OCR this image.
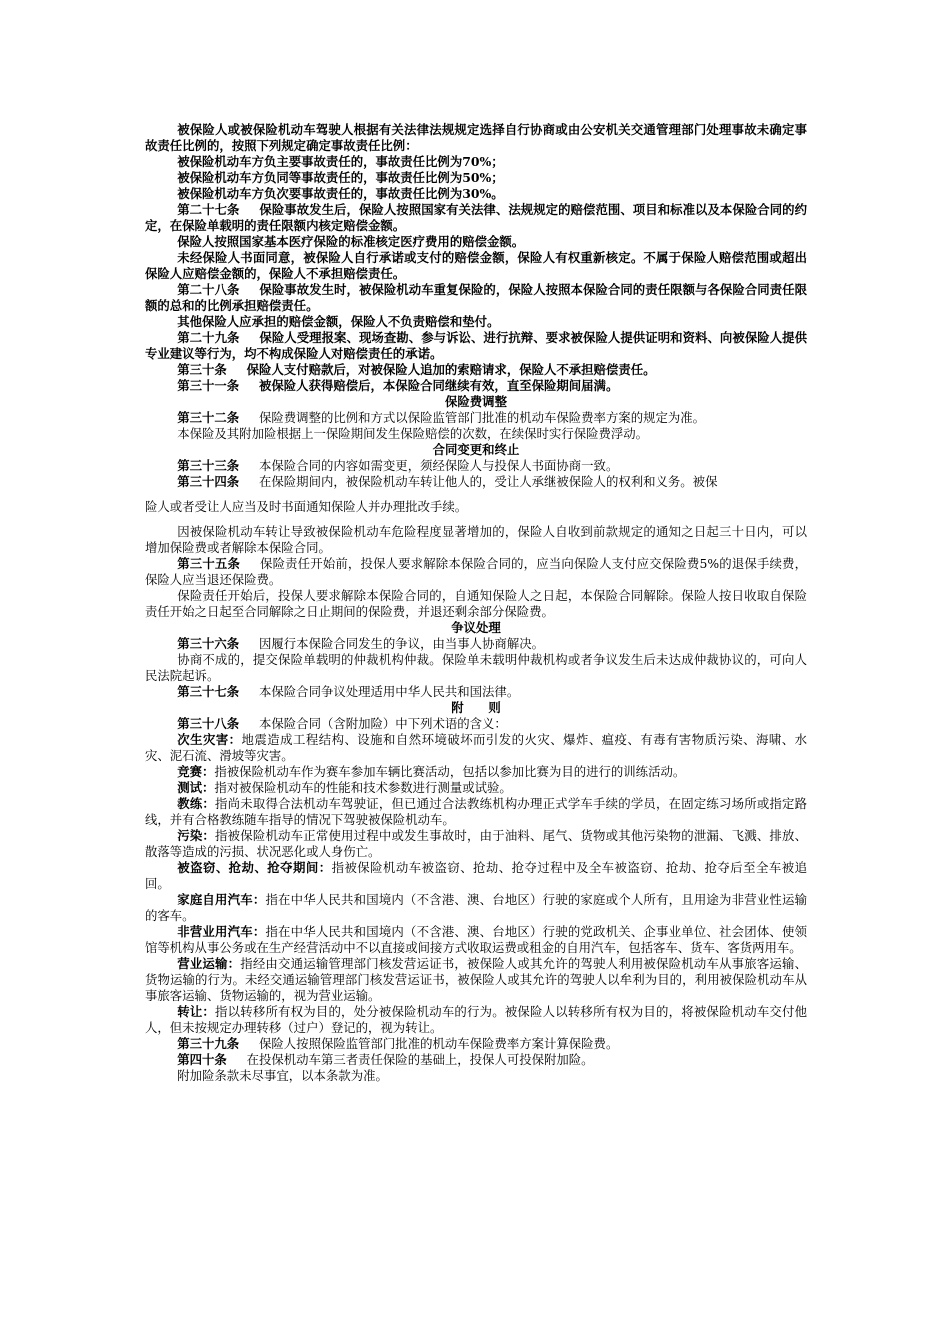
被保险人或被保险机动车驾驶人根据有关法律法规规定选择自行协商或由公安机关交通管理部门处理事故未确定事故责任比例的，按照下列规定确定事故责任比例：

被保险机动车方负主要事故责任的，事故责任比例为70%；

被保险机动车方负同等事故责任的，事故责任比例为50%；

被保险机动车方负次要事故责任的，事故责任比例为30%。

第二十七条 保险事故发生后，保险人按照国家有关法律、法规规定的赔偿范围、项目和标准以及本保险合同的约定，在保险单载明的责任限额内核定赔偿金额。

保险人按照国家基本医疗保险的标准核定医疗费用的赔偿金额。

未经保险人书面同意，被保险人自行承诺或支付的赔偿金额，保险人有权重新核定。不属于保险人赔偿范围或超出保险人应赔偿金额的，保险人不承担赔偿责任。

第二十八条 保险事故发生时，被保险机动车重复保险的，保险人按照本保险合同的责任限额与各保险合同责任限额的总和的比例承担赔偿责任。

其他保险人应承担的赔偿金额，保险人不负责赔偿和垫付。

第二十九条 保险人受理报案、现场查勘、参与诉讼、进行抗辩、要求被保险人提供证明和资料、向被保险人提供专业建议等行为，均不构成保险人对赔偿责任的承诺。

第三十条 保险人支付赔款后，对被保险人追加的索赔请求，保险人不承担赔偿责任。

第三十一条 被保险人获得赔偿后，本保险合同继续有效，直至保险期间届满。

保险费调整

第三十二条 保险费调整的比例和方式以保险监管部门批准的机动车保险费率方案的规定为准。

本保险及其附加险根据上一保险期间发生保险赔偿的次数，在续保时实行保险费浮动。

合同变更和终止

第三十三条 本保险合同的内容如需变更，须经保险人与投保人书面协商一致。

第三十四条 在保险期间内，被保险机动车转让他人的，受让人承继被保险人的权利和义务。被保

险人或者受让人应当及时书面通知保险人并办理批改手续。

因被保险机动车转让导致被保险机动车危险程度显著增加的，保险人自收到前款规定的通知之日起三十日内，可以增加保险费或者解除本保险合同。

第三十五条 保险责任开始前，投保人要求解除本保险合同的，应当向保险人支付应交保险费5%的退保手续费，保险人应当退还保险费。

保险责任开始后，投保人要求解除本保险合同的，自通知保险人之日起，本保险合同解除。保险人按日收取自保险责任开始之日起至合同解除之日止期间的保险费，并退还剩余部分保险费。

争议处理

第三十六条 因履行本保险合同发生的争议，由当事人协商解决。

协商不成的，提交保险单载明的仲裁机构仲裁。保险单未载明仲裁机构或者争议发生后未达成仲裁协议的，可向人民法院起诉。

第三十七条 本保险合同争议处理适用中华人民共和国法律。

附　　则

第三十八条 本保险合同（含附加险）中下列术语的含义：

次生灾害：地震造成工程结构、设施和自然环境破坏而引发的火灾、爆炸、瘟疫、有毒有害物质污染、海啸、水灾、泥石流、滑坡等灾害。

竞赛：指被保险机动车作为赛车参加车辆比赛活动，包括以参加比赛为目的进行的训练活动。

测试：指对被保险机动车的性能和技术参数进行测量或试验。

教练：指尚未取得合法机动车驾驶证，但已通过合法教练机构办理正式学车手续的学员，在固定练习场所或指定路线，并有合格教练随车指导的情况下驾驶被保险机动车。

污染：指被保险机动车正常使用过程中或发生事故时，由于油料、尾气、货物或其他污染物的泄漏、飞溅、排放、散落等造成的污损、状况恶化或人身伤亡。

被盗窃、抢劫、抢夺期间：指被保险机动车被盗窃、抢劫、抢夺过程中及全车被盗窃、抢劫、抢夺后至全车被追回。

家庭自用汽车：指在中华人民共和国境内（不含港、澳、台地区）行驶的家庭或个人所有，且用途为非营业性运输的客车。

非营业用汽车：指在中华人民共和国境内（不含港、澳、台地区）行驶的党政机关、企事业单位、社会团体、使领馆等机构从事公务或在生产经营活动中不以直接或间接方式收取运费或租金的自用汽车，包括客车、货车、客货两用车。

营业运输：指经由交通运输管理部门核发营运证书，被保险人或其允许的驾驶人利用被保险机动车从事旅客运输、货物运输的行为。未经交通运输管理部门核发营运证书，被保险人或其允许的驾驶人以牟利为目的，利用被保险机动车从事旅客运输、货物运输的，视为营业运输。

转让：指以转移所有权为目的，处分被保险机动车的行为。被保险人以转移所有权为目的，将被保险机动车交付他人，但未按规定办理转移（过户）登记的，视为转让。

第三十九条 保险人按照保险监管部门批准的机动车保险费率方案计算保险费。

第四十条 在投保机动车第三者责任保险的基础上，投保人可投保附加险。

附加险条款未尽事宜，以本条款为准。
